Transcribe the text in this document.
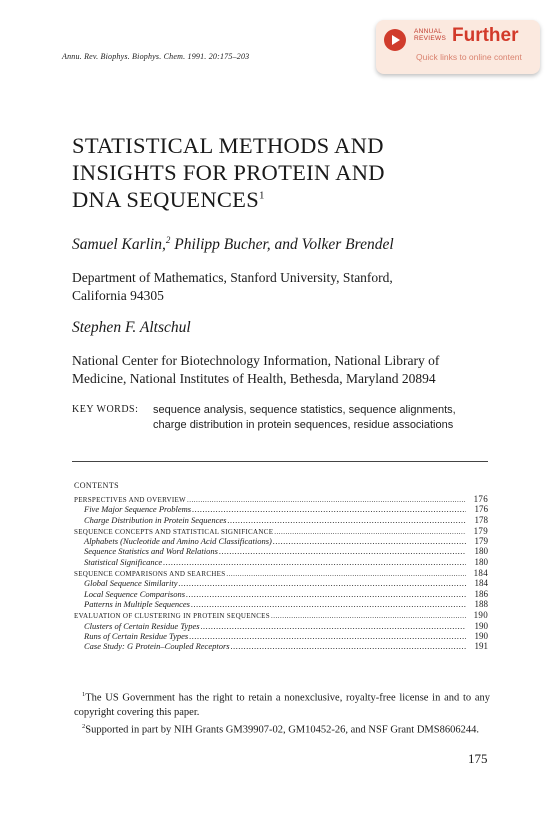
Annu. Rev. Biophys. Biophys. Chem. 1991. 20:175–203
ANNUAL
REVIEWS Further
Quick links to online content
STATISTICAL METHODS AND
INSIGHTS FOR PROTEIN AND
DNA SEQUENCES$^1$
Samuel Karlin,$^2$ Philipp Bucher, and Volker Brendel
Department of Mathematics, Stanford University, Stanford,
California 94305
Stephen F. Altschul
National Center for Biotechnology Information, National Library of
Medicine, National Institutes of Health, Bethesda, Maryland 20894
KEY WORDS: sequence analysis, sequence statistics, sequence alignments, charge distribution in protein sequences, residue associations
CONTENTS
PERSPECTIVES AND OVERVIEW .....	176
Five Major Sequence Problems .....	176
Charge Distribution in Protein Sequences .....	178
SEQUENCE CONCEPTS AND STATISTICAL SIGNIFICANCE .....	179
Alphabets (Nucleotide and Amino Acid Classifications) .....	179
Sequence Statistics and Word Relations .....	180
Statistical Significance .....	180
SEQUENCE COMPARISONS AND SEARCHES .....	184
Global Sequence Similarity .....	184
Local Sequence Comparisons .....	186
Patterns in Multiple Sequences .....	188
EVALUATION OF CLUSTERING IN PROTEIN SEQUENCES .....	190
Clusters of Certain Residue Types .....	190
Runs of Certain Residue Types .....	190
Case Study: G Protein–Coupled Receptors .....	191

$^1$The US Government has the right to retain a nonexclusive, royalty-free license in and to any copyright covering this paper.

$^2$Supported in part by NIH Grants GM39907-02, GM10452-26, and NSF Grant DMS8606244.

175
